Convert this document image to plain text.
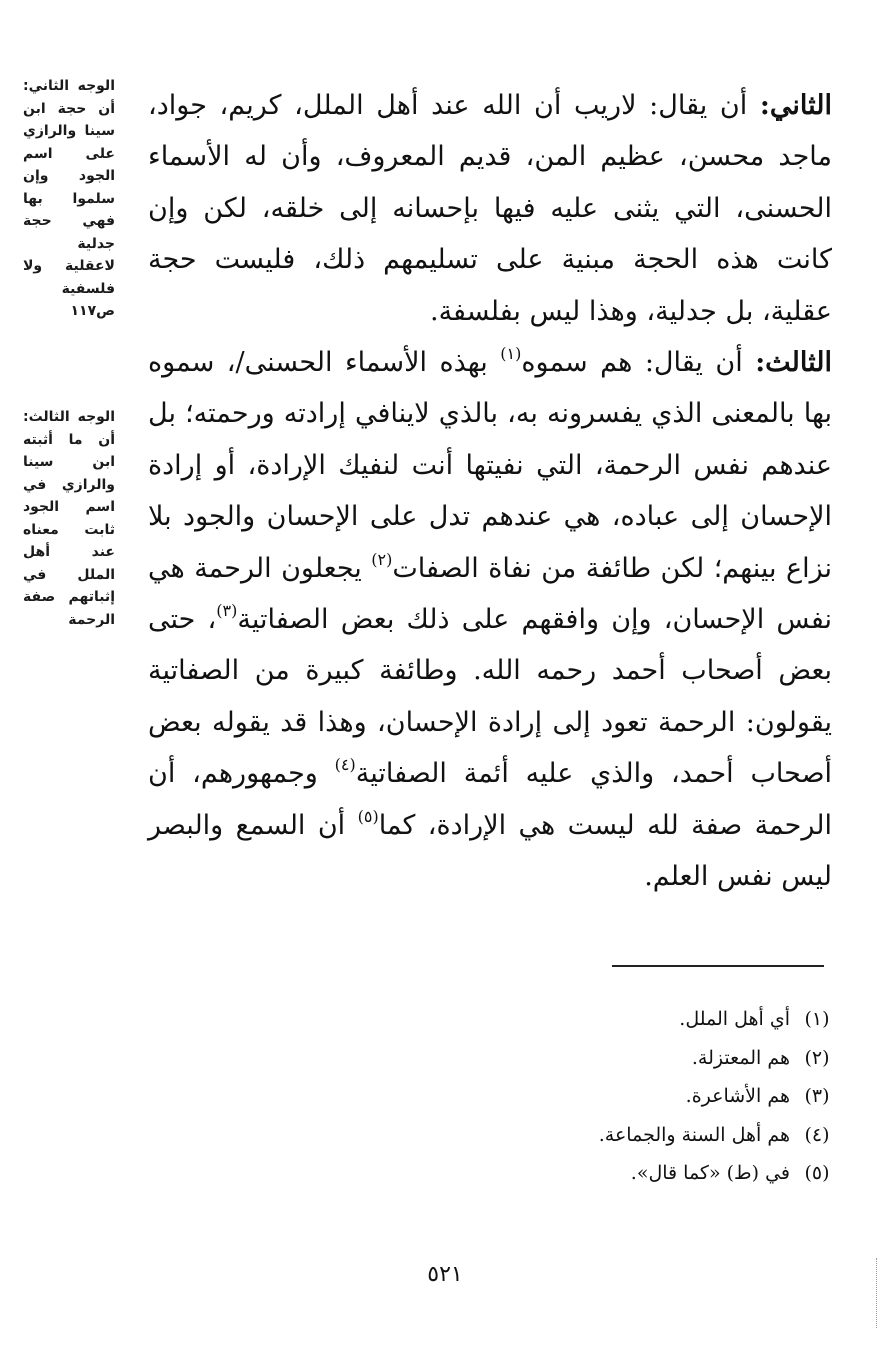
الوجه الثاني: أن حجة ابن سينا والرازي على اسم الجود وإن سلموا بها فهي حجة جدلية لاعقلية ولا فلسفية ص١١٧
الوجه الثالث: أن ما أثبته ابن سينا والرازي في اسم الجود ثابت معناه عند أهل الملل في إثباتهم صفة الرحمة

الثاني: أن يقال: لاريب أن الله عند أهل الملل، كريم، جواد، ماجد محسن، عظيم المن، قديم المعروف، وأن له الأسماء الحسنى، التي يثنى عليه فيها بإحسانه إلى خلقه، لكن وإن كانت هذه الحجة مبنية على تسليمهم ذلك، فليست حجة عقلية، بل جدلية، وهذا ليس بفلسفة.

الثالث: أن يقال: هم سموه$^{(١)}$ بهذه الأسماء الحسنى/، سموه بها بالمعنى الذي يفسرونه به، بالذي لاينافي إرادته ورحمته؛ بل عندهم نفس الرحمة، التي نفيتها أنت لنفيك الإرادة، أو إرادة الإحسان إلى عباده، هي عندهم تدل على الإحسان والجود بلا نزاع بينهم؛ لكن طائفة من نفاة الصفات$^{(٢)}$ يجعلون الرحمة هي نفس الإحسان، وإن وافقهم على ذلك بعض الصفاتية$^{(٣)}$، حتى بعض أصحاب أحمد رحمه الله. وطائفة كبيرة من الصفاتية يقولون: الرحمة تعود إلى إرادة الإحسان، وهذا قد يقوله بعض أصحاب أحمد، والذي عليه أئمة الصفاتية$^{(٤)}$ وجمهورهم، أن الرحمة صفة لله ليست هي الإرادة، كما$^{(٥)}$ أن السمع والبصر ليس نفس العلم.

(١)
أي أهل الملل.
(٢)
هم المعتزلة.
(٣)
هم الأشاعرة.
(٤)
هم أهل السنة والجماعة.
(٥)
في (ط) «كما قال».
٥٢١
